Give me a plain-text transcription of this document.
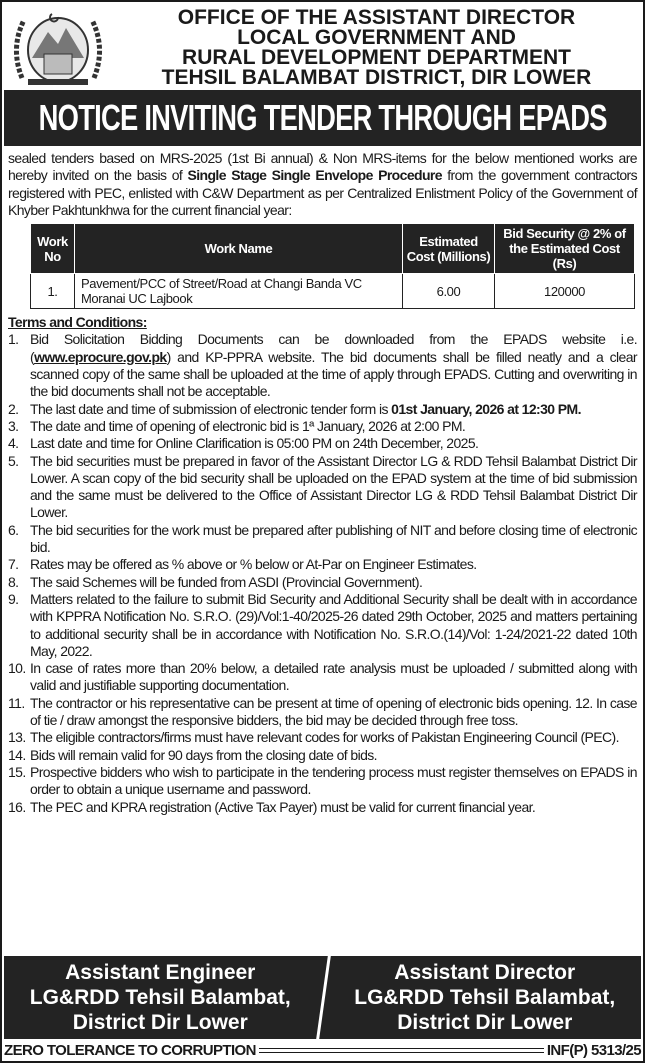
OFFICE OF THE ASSISTANT DIRECTOR
LOCAL GOVERNMENT AND
RURAL DEVELOPMENT DEPARTMENT
TEHSIL BALAMBAT DISTRICT, DIR LOWER
NOTICE INVITING TENDER THROUGH EPADS

sealed tenders based on MRS-2025 (1st Bi annual) & Non MRS-items for the below mentioned works are hereby invited on the basis of Single Stage Single Envelope Procedure from the government contractors registered with PEC, enlisted with C&W Department as per Centralized Enlistment Policy of the Government of Khyber Pakhtunkhwa for the current financial year:

Work No	Work Name	Estimated Cost (Millions)	Bid Security @ 2% of the Estimated Cost (Rs)
1.	Pavement/PCC of Street/Road at Changi Banda VC Moranai UC Lajbook	6.00	120000
Terms and Conditions:
1. Bid Solicitation Bidding Documents can be downloaded from the EPADS website i.e. (www.eprocure.gov.pk) and KP-PPRA website. The bid documents shall be filled neatly and a clear scanned copy of the same shall be uploaded at the time of apply through EPADS. Cutting and overwriting in the bid documents shall not be acceptable.
2. The last date and time of submission of electronic tender form is 01st January, 2026 at 12:30 PM.
3. The date and time of opening of electronic bid is 1ª January, 2026 at 2:00 PM.
4. Last date and time for Online Clarification is 05:00 PM on 24th December, 2025.
5. The bid securities must be prepared in favor of the Assistant Director LG & RDD Tehsil Balambat District Dir Lower. A scan copy of the bid security shall be uploaded on the EPAD system at the time of bid submission and the same must be delivered to the Office of Assistant Director LG & RDD Tehsil Balambat District Dir Lower.
6. The bid securities for the work must be prepared after publishing of NIT and before closing time of electronic bid.
7. Rates may be offered as % above or % below or At-Par on Engineer Estimates.
8. The said Schemes will be funded from ASDI (Provincial Government).
9. Matters related to the failure to submit Bid Security and Additional Security shall be dealt with in accordance with KPPRA Notification No. S.R.O. (29)/Vol:1-40/2025-26 dated 29th October, 2025 and matters pertaining to additional security shall be in accordance with Notification No. S.R.O.(14)/Vol: 1-24/2021-22 dated 10th May, 2022.
10. In case of rates more than 20% below, a detailed rate analysis must be uploaded / submitted along with valid and justifiable supporting documentation.
11. The contractor or his representative can be present at time of opening of electronic bids opening. 12. In case of tie / draw amongst the responsive bidders, the bid may be decided through free toss.
13. The eligible contractors/firms must have relevant codes for works of Pakistan Engineering Council (PEC).
14. Bids will remain valid for 90 days from the closing date of bids.
15. Prospective bidders who wish to participate in the tendering process must register themselves on EPADS in order to obtain a unique username and password.
16. The PEC and KPRA registration (Active Tax Payer) must be valid for current financial year.
Assistant Engineer
LG&RDD Tehsil Balambat,
District Dir Lower
Assistant Director
LG&RDD Tehsil Balambat,
District Dir Lower
ZERO TOLERANCE TO CORRUPTION	INF(P) 5313/25
